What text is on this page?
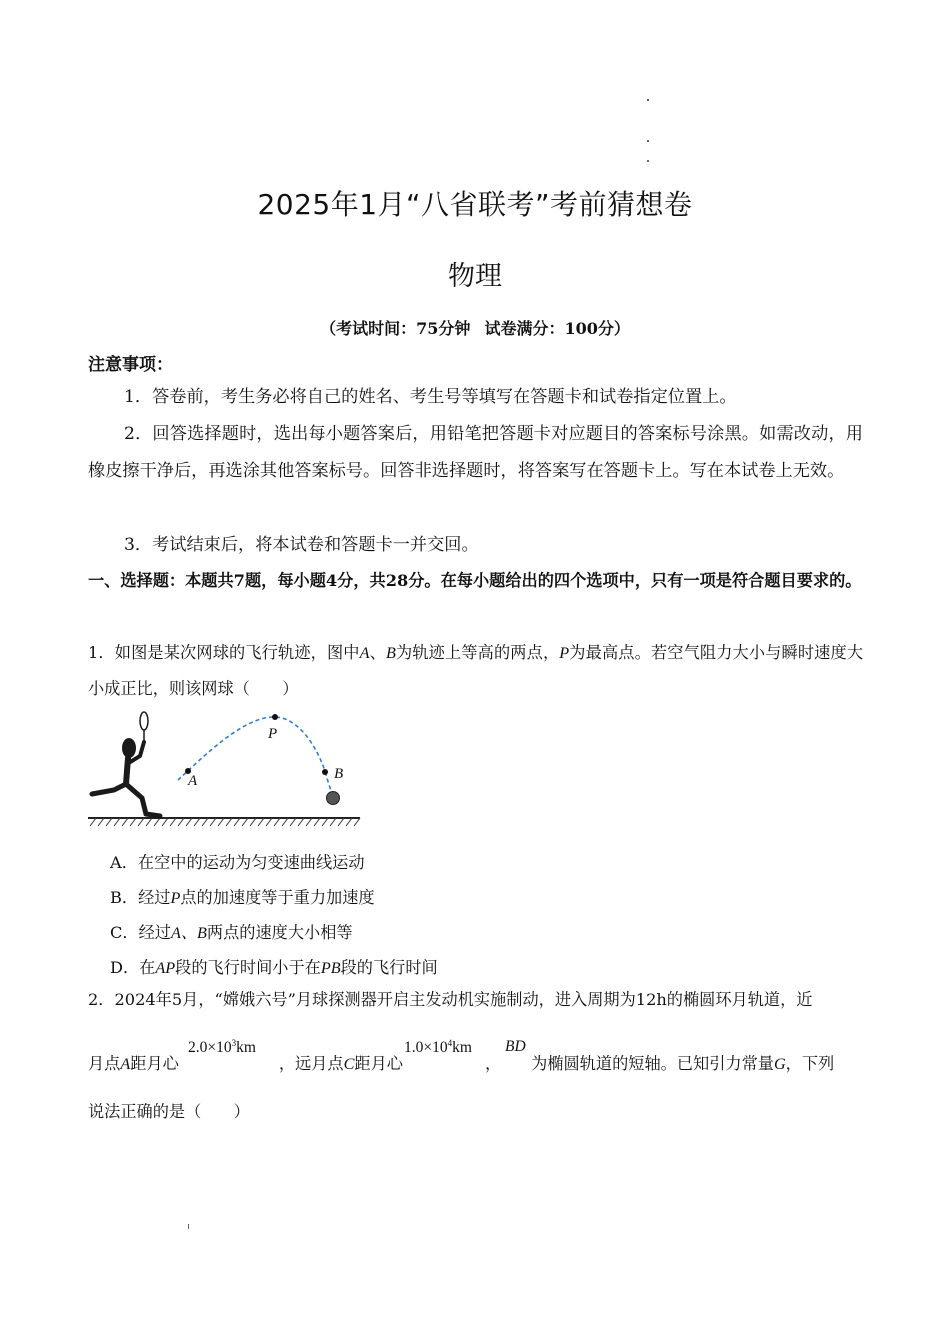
2025年1月“八省联考”考前猜想卷
物理
（考试时间：75分钟 试卷满分：100分）
注意事项：
1．答卷前，考生务必将自己的姓名、考生号等填写在答题卡和试卷指定位置上。
2．回答选择题时，选出每小题答案后，用铅笔把答题卡对应题目的答案标号涂黑。如需改动，用橡皮擦干净后，再选涂其他答案标号。回答非选择题时，将答案写在答题卡上。写在本试卷上无效。
3．考试结束后，将本试卷和答题卡一并交回。
一、选择题：本题共7题，每小题4分，共28分。在每小题给出的四个选项中，只有一项是符合题目要求的。
1．如图是某次网球的飞行轨迹，图中A、B为轨迹上等高的两点，P为最高点。若空气阻力大小与瞬时速度大小成正比，则该网球（　　）
A
P
B
A．在空中的运动为匀变速曲线运动
B．经过P点的加速度等于重力加速度
C．经过A、B两点的速度大小相等
D．在AP段的飞行时间小于在PB段的飞行时间
2．2024年5月，“嫦娥六号”月球探测器开启主发动机实施制动，进入周期为12h的椭圆环月轨道，近
月点A距月心	，远月点C距月心	， 为椭圆轨道的短轴。已知引力常量G，下列
$2.0\times 10^3km$	$1.0\times 10^4km$ BD
说法正确的是（　　）
